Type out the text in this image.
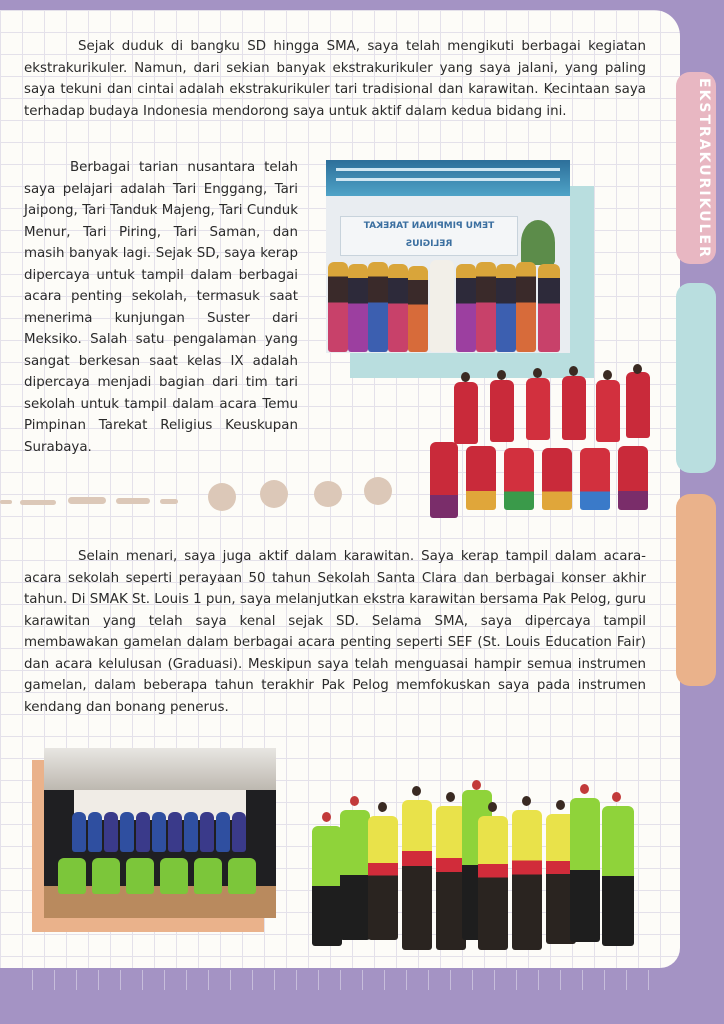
EKSTRAKURIKULER

Sejak duduk di bangku SD hingga SMA, saya telah mengikuti berbagai kegiatan ekstrakurikuler. Namun, dari sekian banyak ekstrakurikuler yang saya jalani, yang paling saya tekuni dan cintai adalah ekstrakurikuler tari tradisional dan karawitan. Kecintaan saya terhadap budaya Indonesia mendorong saya untuk aktif dalam kedua bidang ini.

Berbagai tarian nusantara telah saya pelajari adalah Tari Enggang, Tari Jaipong, Tari Tanduk Majeng, Tari Cunduk Menur, Tari Piring, Tari Saman, dan masih banyak lagi. Sejak SD, saya kerap dipercaya untuk tampil dalam berbagai acara penting sekolah, termasuk saat menerima kunjungan Suster dari Meksiko. Salah satu pengalaman yang sangat berkesan saat kelas IX adalah dipercaya menjadi bagian dari tim tari sekolah untuk tampil dalam acara Temu Pimpinan Tarekat Religius Keuskupan Surabaya.

TEMU PIMPINAN TAREKAT RELIGIUS

Selain menari, saya juga aktif dalam karawitan. Saya kerap tampil dalam acara-acara sekolah seperti perayaan 50 tahun Sekolah Santa Clara dan berbagai konser akhir tahun. Di SMAK St. Louis 1 pun, saya melanjutkan ekstra karawitan bersama Pak Pelog, guru karawitan yang telah saya kenal sejak SD. Selama SMA, saya dipercaya tampil membawakan gamelan dalam berbagai acara penting seperti SEF (St. Louis Education Fair) dan acara kelulusan (Graduasi). Meskipun saya telah menguasai hampir semua instrumen gamelan, dalam beberapa tahun terakhir Pak Pelog memfokuskan saya pada instrumen kendang dan bonang penerus.
